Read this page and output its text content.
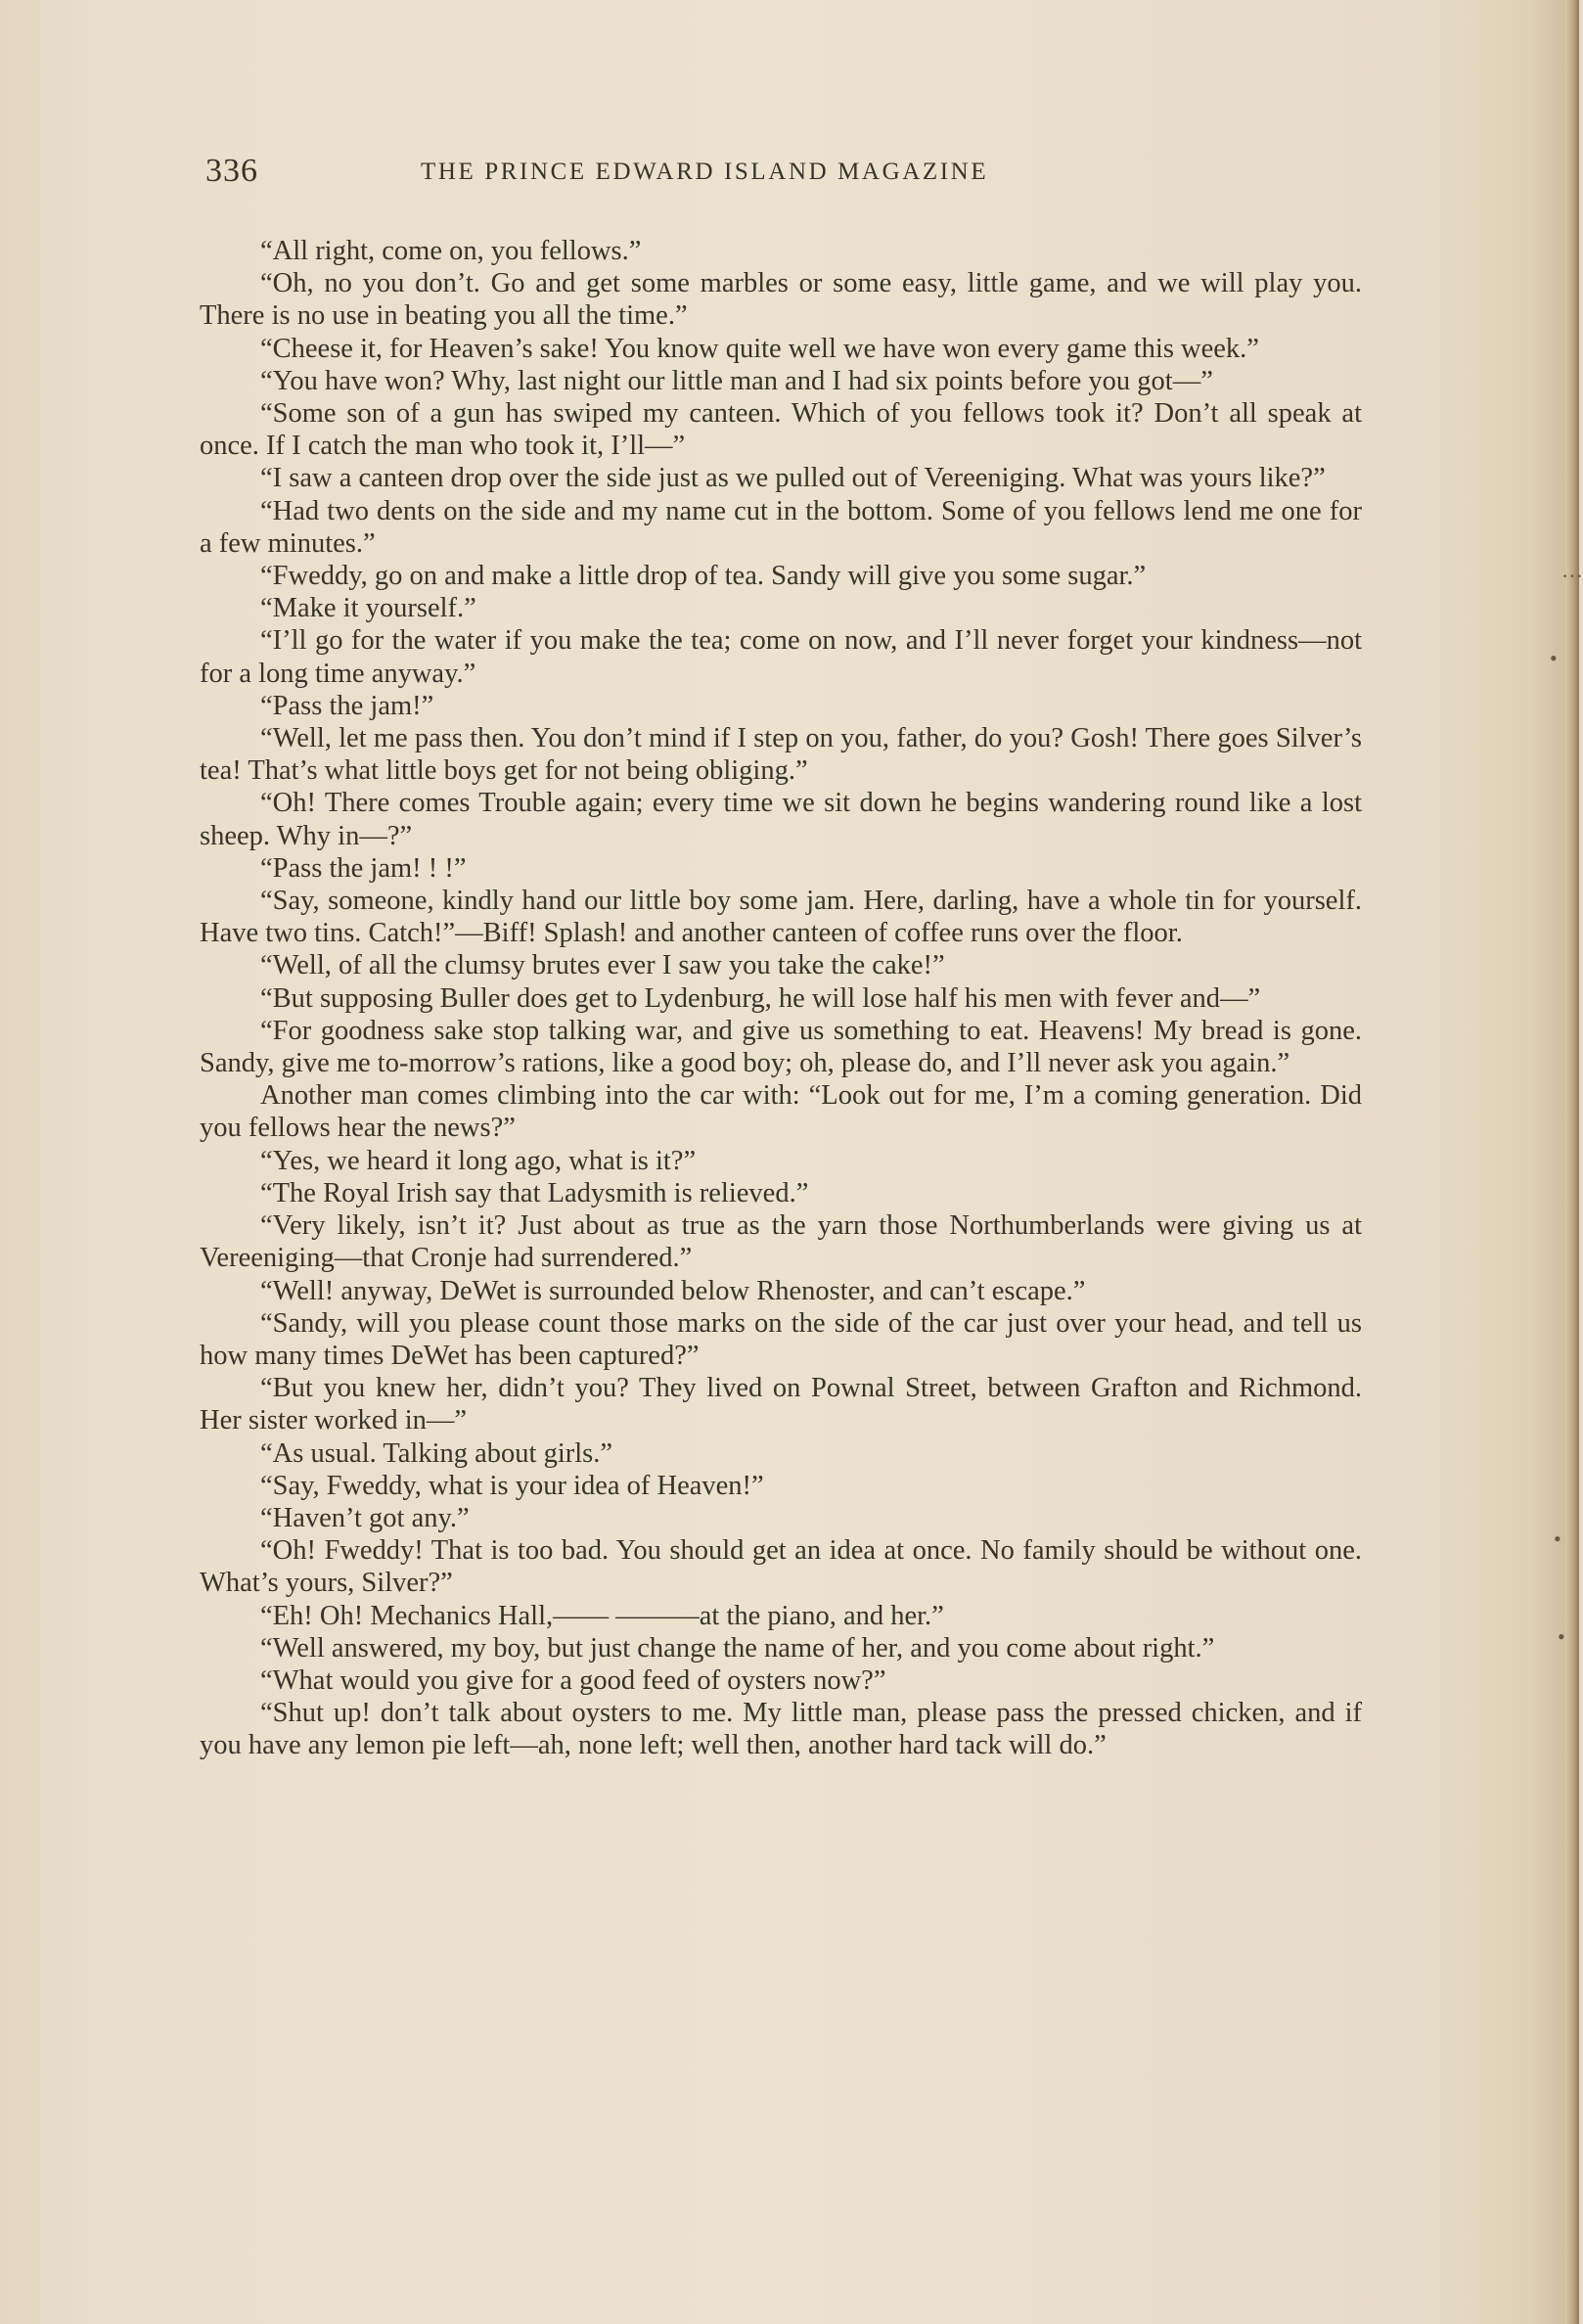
336	THE PRINCE EDWARD ISLAND MAGAZINE

“All right, come on, you fellows.”

“Oh, no you don’t. Go and get some marbles or some easy, little game, and we will play you. There is no use in beating you all the time.”

“Cheese it, for Heaven’s sake! You know quite well we have won every game this week.”

“You have won? Why, last night our little man and I had six points before you got—”

“Some son of a gun has swiped my canteen. Which of you fellows took it? Don’t all speak at once. If I catch the man who took it, I’ll—”

“I saw a canteen drop over the side just as we pulled out of Vereeniging. What was yours like?”

“Had two dents on the side and my name cut in the bottom. Some of you fellows lend me one for a few minutes.”

“Fweddy, go on and make a little drop of tea. Sandy will give you some sugar.”

“Make it yourself.”

“I’ll go for the water if you make the tea; come on now, and I’ll never forget your kindness—not for a long time anyway.”

“Pass the jam!”

“Well, let me pass then. You don’t mind if I step on you, father, do you? Gosh! There goes Silver’s tea! That’s what little boys get for not being obliging.”

“Oh! There comes Trouble again; every time we sit down he begins wandering round like a lost sheep. Why in—?”

“Pass the jam! ! !”

“Say, someone, kindly hand our little boy some jam. Here, darling, have a whole tin for yourself. Have two tins. Catch!”—Biff! Splash! and another canteen of coffee runs over the floor.

“Well, of all the clumsy brutes ever I saw you take the cake!”

“But supposing Buller does get to Lydenburg, he will lose half his men with fever and—”

“For goodness sake stop talking war, and give us something to eat. Heavens! My bread is gone. Sandy, give me to-morrow’s rations, like a good boy; oh, please do, and I’ll never ask you again.”

Another man comes climbing into the car with: “Look out for me, I’m a coming generation. Did you fellows hear the news?”

“Yes, we heard it long ago, what is it?”

“The Royal Irish say that Ladysmith is relieved.”

“Very likely, isn’t it? Just about as true as the yarn those Northumberlands were giving us at Vereeniging—that Cronje had surrendered.”

“Well! anyway, DeWet is surrounded below Rhenoster, and can’t escape.”

“Sandy, will you please count those marks on the side of the car just over your head, and tell us how many times DeWet has been captured?”

“But you knew her, didn’t you? They lived on Pownal Street, between Grafton and Richmond. Her sister worked in—”

“As usual. Talking about girls.”

“Say, Fweddy, what is your idea of Heaven!”

“Haven’t got any.”

“Oh! Fweddy! That is too bad. You should get an idea at once. No family should be without one. What’s yours, Silver?”

“Eh! Oh! Mechanics Hall,—— ———at the piano, and her.”

“Well answered, my boy, but just change the name of her, and you come about right.”

“What would you give for a good feed of oysters now?”

“Shut up! don’t talk about oysters to me. My little man, please pass the pressed chicken, and if you have any lemon pie left—ah, none left; well then, another hard tack will do.”

…
•
•
•
